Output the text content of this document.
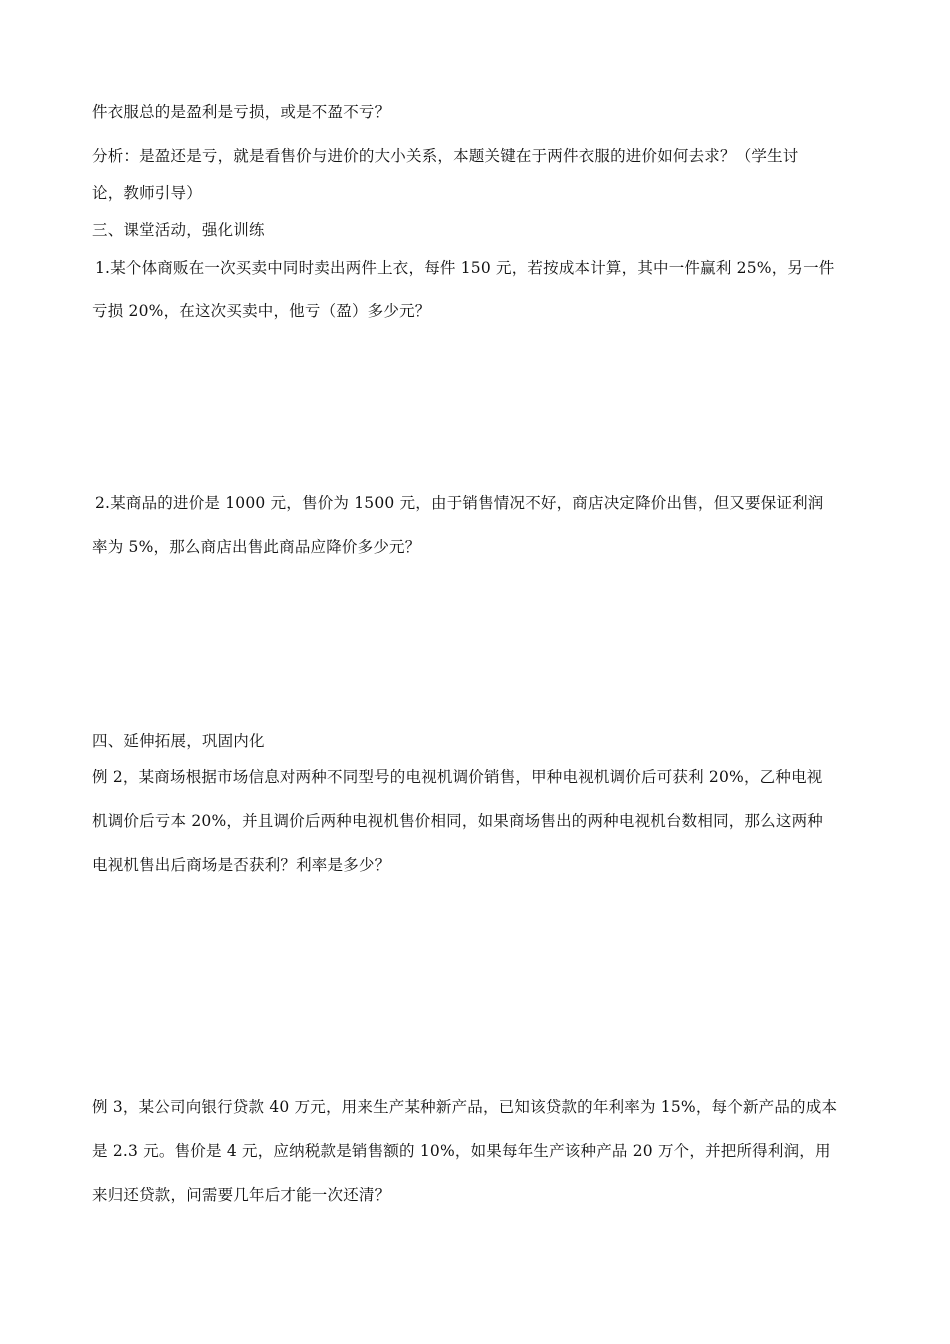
件衣服总的是盈利是亏损，或是不盈不亏？
分析：是盈还是亏，就是看售价与进价的大小关系，本题关键在于两件衣服的进价如何去求？（学生讨
论，教师引导）
三、课堂活动，强化训练
1.某个体商贩在一次买卖中同时卖出两件上衣，每件 150 元，若按成本计算，其中一件赢利 25%，另一件
亏损 20%，在这次买卖中，他亏（盈）多少元？
2.某商品的进价是 1000 元，售价为 1500 元，由于销售情况不好，商店决定降价出售，但又要保证利润
率为 5%，那么商店出售此商品应降价多少元？
四、延伸拓展，巩固内化
例 2，某商场根据市场信息对两种不同型号的电视机调价销售，甲种电视机调价后可获利 20%，乙种电视
机调价后亏本 20%，并且调价后两种电视机售价相同，如果商场售出的两种电视机台数相同，那么这两种
电视机售出后商场是否获利？利率是多少？
例 3，某公司向银行贷款 40 万元，用来生产某种新产品，已知该贷款的年利率为 15%，每个新产品的成本
是 2.3 元。售价是 4 元，应纳税款是销售额的 10%，如果每年生产该种产品 20 万个，并把所得利润，用
来归还贷款，问需要几年后才能一次还清？
